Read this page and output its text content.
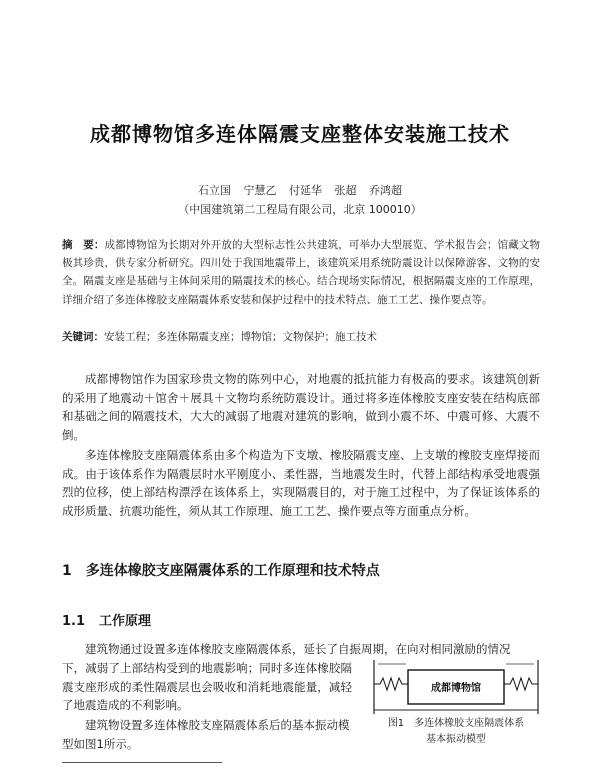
成都博物馆多连体隔震支座整体安装施工技术
石立国 宁慧乙 付延华 张超 乔鸿超
（中国建筑第二工程局有限公司，北京 100010）
摘　要：成都博物馆为长期对外开放的大型标志性公共建筑，可举办大型展览、学术报告会；馆藏文物极其珍贵，供专家分析研究。四川处于我国地震带上，该建筑采用系统防震设计以保障游客、文物的安全。隔震支座是基础与主体间采用的隔震技术的核心。结合现场实际情况，根据隔震支座的工作原理，详细介绍了多连体橡胶支座隔震体系安装和保护过程中的技术特点、施工工艺、操作要点等。
关键词：安装工程；多连体隔震支座；博物馆；文物保护；施工技术

成都博物馆作为国家珍贵文物的陈列中心，对地震的抵抗能力有极高的要求。该建筑创新的采用了地震动＋馆舍＋展具＋文物均系统防震设计。通过将多连体橡胶支座安装在结构底部和基础之间的隔震技术，大大的减弱了地震对建筑的影响，做到小震不坏、中震可修、大震不倒。

多连体橡胶支座隔震体系由多个构造为下支墩、橡胶隔震支座、上支墩的橡胶支座焊接而成。由于该体系作为隔震层时水平刚度小、柔性器，当地震发生时，代替上部结构承受地震强烈的位移，使上部结构漂浮在该体系上，实现隔震目的，对于施工过程中，为了保证该体系的成形质量、抗震功能性，须从其工作原理、施工工艺、操作要点等方面重点分析。

1 多连体橡胶支座隔震体系的工作原理和技术特点
1.1 工作原理

建筑物通过设置多连体橡胶支座隔震体系，延长了自振周期，在向对相同激励的情况

下，减弱了上部结构受到的地震影响；同时多连体橡胶隔震支座形成的柔性隔震层也会吸收和消耗地震能量，减轻了地震造成的不利影响。

建筑物设置多连体橡胶支座隔震体系后的基本振动模型如图1所示。

成都博物馆
图1　多连体橡胶支座隔震体系
基本振动模型
